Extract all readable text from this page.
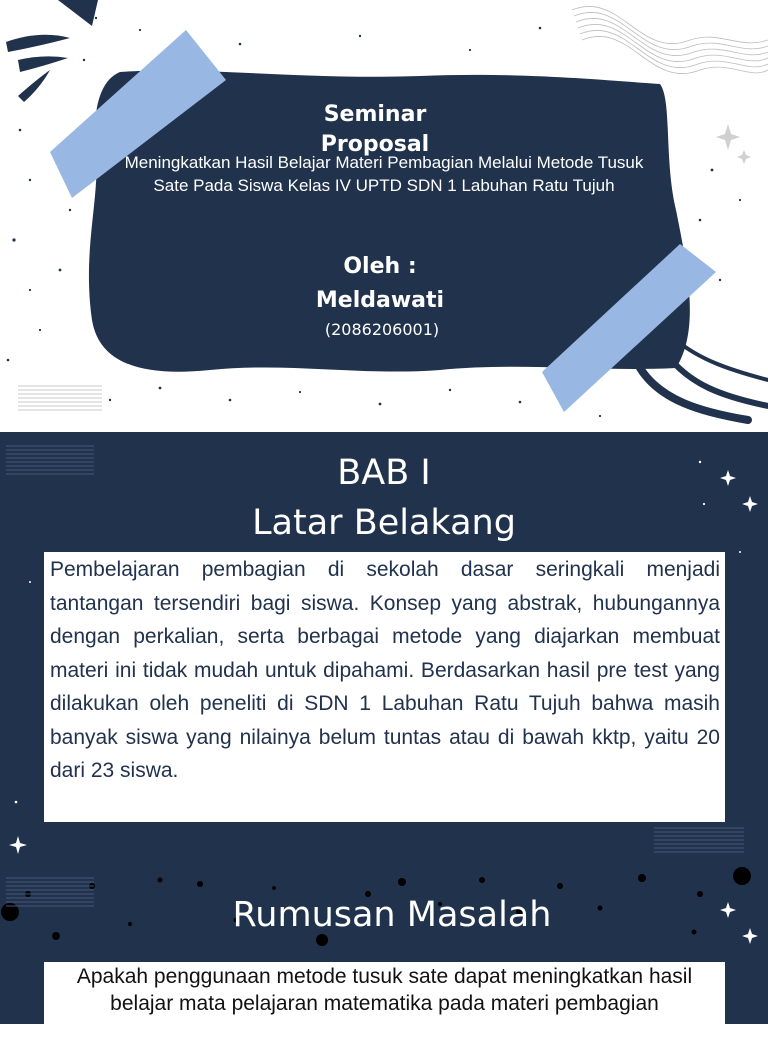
Seminar Proposal
Meningkatkan Hasil Belajar Materi Pembagian Melalui Metode Tusuk Sate Pada Siswa Kelas IV UPTD SDN 1 Labuhan Ratu Tujuh
Oleh : Meldawati
(2086206001)
BAB I
Latar Belakang

Pembelajaran pembagian di sekolah dasar seringkali menjadi tantangan tersendiri bagi siswa. Konsep yang abstrak, hubungannya dengan perkalian, serta berbagai metode yang diajarkan membuat materi ini tidak mudah untuk dipahami. Berdasarkan hasil pre test yang dilakukan oleh peneliti di SDN 1 Labuhan Ratu Tujuh bahwa masih banyak siswa yang nilainya belum tuntas atau di bawah kktp, yaitu 20 dari 23 siswa.

Rumusan Masalah

Apakah penggunaan metode tusuk sate dapat meningkatkan hasil belajar mata pelajaran matematika pada materi pembagian
